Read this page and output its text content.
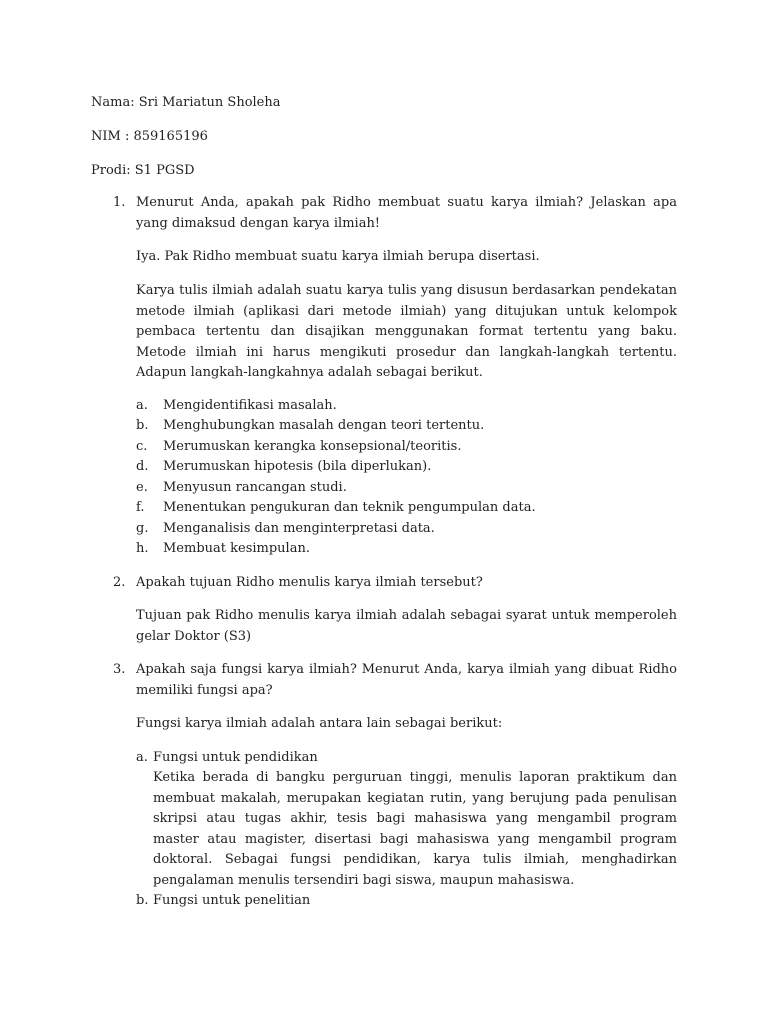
Nama: Sri Mariatun Sholeha
NIM : 859165196
Prodi: S1 PGSD
1. Menurut Anda, apakah pak Ridho membuat suatu karya ilmiah? Jelaskan apa yang dimaksud dengan karya ilmiah!
Iya. Pak Ridho membuat suatu karya ilmiah berupa disertasi.
Karya tulis ilmiah adalah suatu karya tulis yang disusun berdasarkan pendekatan metode ilmiah (aplikasi dari metode ilmiah) yang ditujukan untuk kelompok pembaca tertentu dan disajikan menggunakan format tertentu yang baku. Metode ilmiah ini harus mengikuti prosedur dan langkah-langkah tertentu. Adapun langkah-langkahnya adalah sebagai berikut.
a. Mengidentifikasi masalah.
b. Menghubungkan masalah dengan teori tertentu.
c. Merumuskan kerangka konsepsional/teoritis.
d. Merumuskan hipotesis (bila diperlukan).
e. Menyusun rancangan studi.
f. Menentukan pengukuran dan teknik pengumpulan data.
g. Menganalisis dan menginterpretasi data.
h. Membuat kesimpulan.
2. Apakah tujuan Ridho menulis karya ilmiah tersebut?
Tujuan pak Ridho menulis karya ilmiah adalah sebagai syarat untuk memperoleh gelar Doktor (S3)
3. Apakah saja fungsi karya ilmiah? Menurut Anda, karya ilmiah yang dibuat Ridho memiliki fungsi apa?
Fungsi karya ilmiah adalah antara lain sebagai berikut:
a. Fungsi untuk pendidikan
Ketika berada di bangku perguruan tinggi, menulis laporan praktikum dan membuat makalah, merupakan kegiatan rutin, yang berujung pada penulisan skripsi atau tugas akhir, tesis bagi mahasiswa yang mengambil program master atau magister, disertasi bagi mahasiswa yang mengambil program doktoral. Sebagai fungsi pendidikan, karya tulis ilmiah, menghadirkan pengalaman menulis tersendiri bagi siswa, maupun mahasiswa.
b. Fungsi untuk penelitian
